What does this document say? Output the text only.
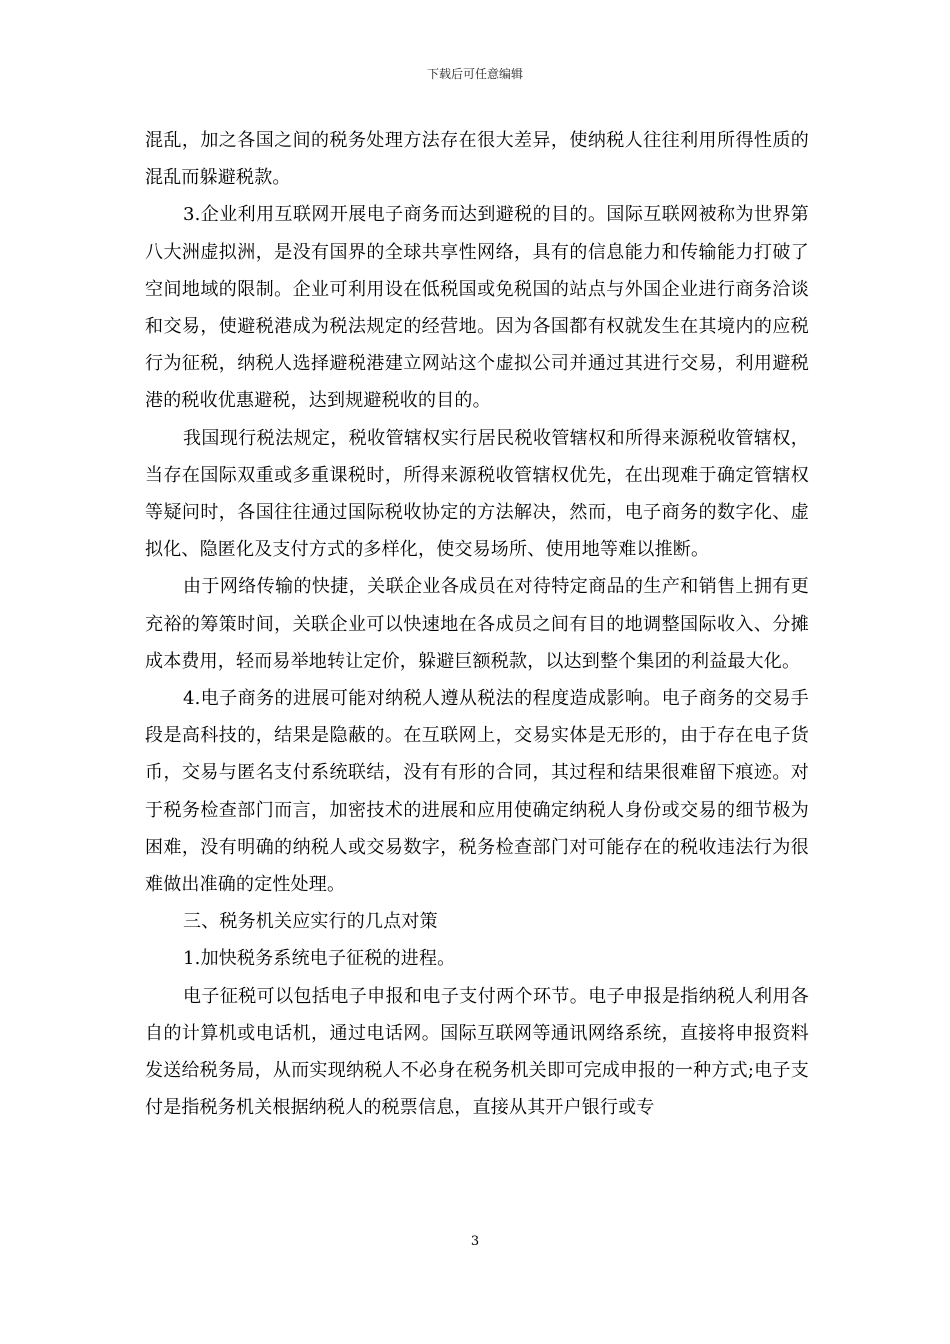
下载后可任意编辑

混乱，加之各国之间的税务处理方法存在很大差异，使纳税人往往利用所得性质的混乱而躲避税款。

3.企业利用互联网开展电子商务而达到避税的目的。国际互联网被称为世界第八大洲虚拟洲，是没有国界的全球共享性网络，具有的信息能力和传输能力打破了空间地域的限制。企业可利用设在低税国或免税国的站点与外国企业进行商务洽谈和交易，使避税港成为税法规定的经营地。因为各国都有权就发生在其境内的应税行为征税，纳税人选择避税港建立网站这个虚拟公司并通过其进行交易，利用避税港的税收优惠避税，达到规避税收的目的。

我国现行税法规定，税收管辖权实行居民税收管辖权和所得来源税收管辖权，当存在国际双重或多重课税时，所得来源税收管辖权优先，在出现难于确定管辖权等疑问时，各国往往通过国际税收协定的方法解决，然而，电子商务的数字化、虚拟化、隐匿化及支付方式的多样化，使交易场所、使用地等难以推断。

由于网络传输的快捷，关联企业各成员在对待特定商品的生产和销售上拥有更充裕的筹策时间，关联企业可以快速地在各成员之间有目的地调整国际收入、分摊成本费用，轻而易举地转让定价，躲避巨额税款，以达到整个集团的利益最大化。

4.电子商务的进展可能对纳税人遵从税法的程度造成影响。电子商务的交易手段是高科技的，结果是隐蔽的。在互联网上，交易实体是无形的，由于存在电子货币，交易与匿名支付系统联结，没有有形的合同，其过程和结果很难留下痕迹。对于税务检查部门而言，加密技术的进展和应用使确定纳税人身份或交易的细节极为困难，没有明确的纳税人或交易数字，税务检查部门对可能存在的税收违法行为很难做出准确的定性处理。

三、税务机关应实行的几点对策

1.加快税务系统电子征税的进程。

电子征税可以包括电子申报和电子支付两个环节。电子申报是指纳税人利用各自的计算机或电话机，通过电话网。国际互联网等通讯网络系统，直接将申报资料发送给税务局，从而实现纳税人不必身在税务机关即可完成申报的一种方式;电子支付是指税务机关根据纳税人的税票信息，直接从其开户银行或专

3
